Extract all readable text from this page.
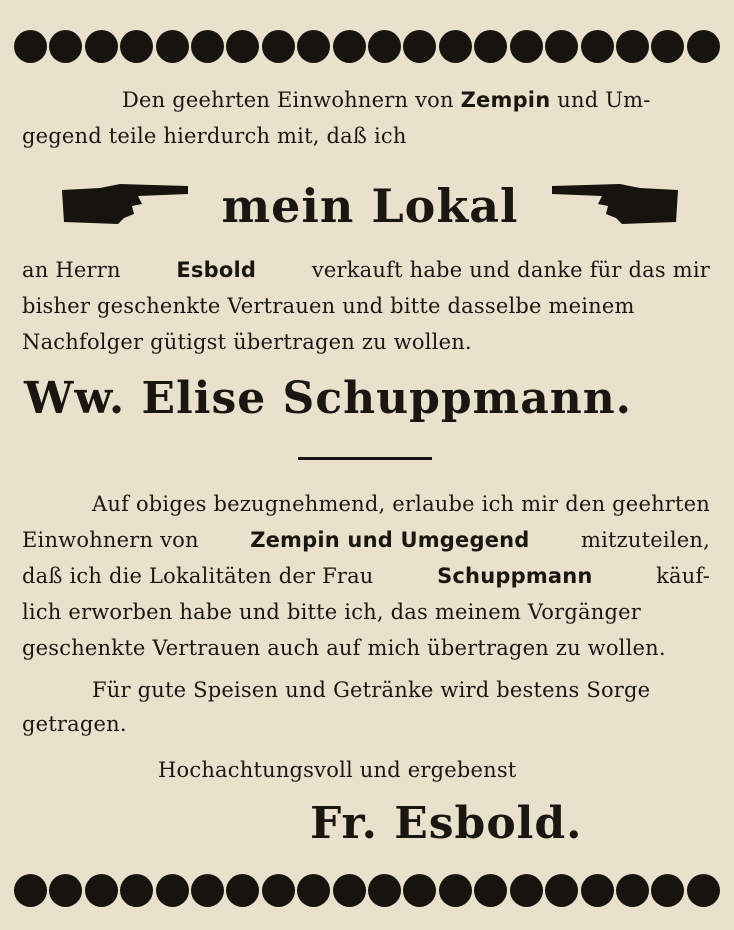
Den geehrten Einwohnern von Zempin und Um-
gegend teile hierdurch mit, daß ich
mein Lokal
an Herrn	Esbold	verkauft habe und danke für das mir
bisher geschenkte Vertrauen und bitte dasselbe meinem
Nachfolger gütigst übertragen zu wollen.
Ww. Elise Schuppmann.
Auf obiges bezugnehmend, erlaube ich mir den geehrten
Einwohnern von Zempin und Umgegend mitzuteilen,
daß ich die Lokalitäten der Frau	Schuppmann	käuf-
lich erworben habe und bitte ich, das meinem Vorgänger
geschenkte Vertrauen auch auf mich übertragen zu wollen.
Für gute Speisen und Getränke wird bestens Sorge
getragen.
Hochachtungsvoll und ergebenst
Fr. Esbold.
